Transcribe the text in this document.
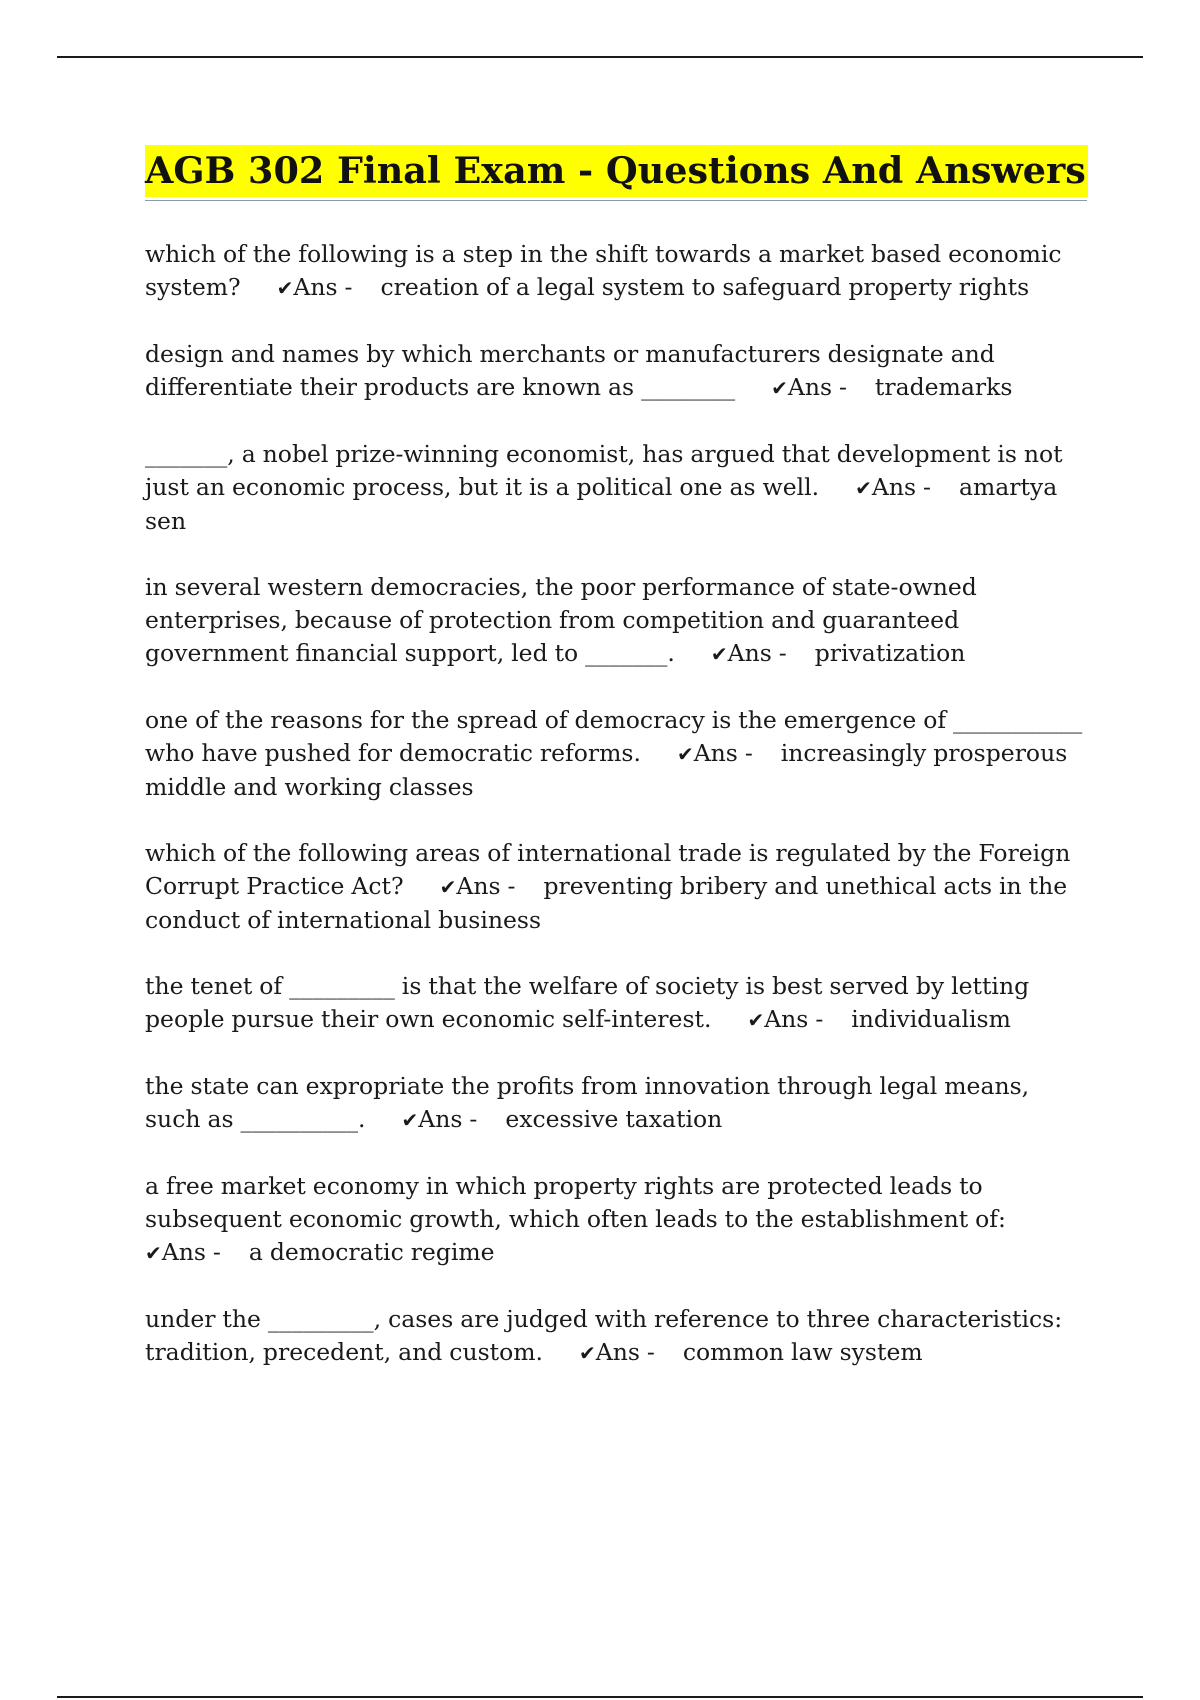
AGB 302 Final Exam - Questions And Answers
which of the following is a step in the shift towards a market based economic system? ✔Ans - creation of a legal system to safeguard property rights
design and names by which merchants or manufacturers designate and differentiate their products are known as ________ ✔Ans - trademarks
_______, a nobel prize-winning economist, has argued that development is not just an economic process, but it is a political one as well. ✔Ans - amartya sen
in several western democracies, the poor performance of state-owned enterprises, because of protection from competition and guaranteed government financial support, led to _______. ✔Ans - privatization
one of the reasons for the spread of democracy is the emergence of ___________ who have pushed for democratic reforms. ✔Ans - increasingly prosperous middle and working classes
which of the following areas of international trade is regulated by the Foreign Corrupt Practice Act? ✔Ans - preventing bribery and unethical acts in the conduct of international business
the tenet of _________ is that the welfare of society is best served by letting people pursue their own economic self-interest. ✔Ans - individualism
the state can expropriate the profits from innovation through legal means, such as __________. ✔Ans - excessive taxation
a free market economy in which property rights are protected leads to subsequent economic growth, which often leads to the establishment of:
✔Ans - a democratic regime
under the _________, cases are judged with reference to three characteristics: tradition, precedent, and custom. ✔Ans - common law system
